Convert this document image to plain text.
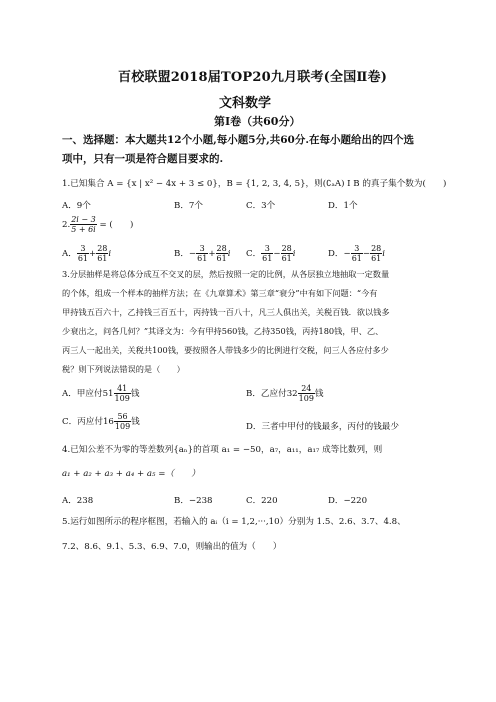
百校联盟2018届TOP20九月联考(全国Ⅱ卷)
文科数学
第Ⅰ卷（共60分）
一、选择题：本大题共12个小题,每小题5分,共60分.在每小题给出的四个选
项中，只有一项是符合题目要求的.
1.已知集合 A = {x | x² − 4x + 3 ≤ 0}，B = {1, 2, 3, 4, 5}，则(∁ₐA) I B 的真子集个数为(　　)
A．9个	B．7个	C．3个	D．1个
2. $\frac{2i - 3}{5 + 6i}$ = (　　)
A． $\frac{3}{61} + \frac{28}{61}$ i	B．− $\frac{3}{61} + \frac{28}{61}$ i C． $\frac{3}{61} - \frac{28}{61}$ i	D．− $\frac{3}{61} - \frac{28}{61}$ i
3.分层抽样是将总体分成互不交叉的层，然后按照一定的比例，从各层独立地抽取一定数量
的个体，组成一个样本的抽样方法；在《九章算术》第三章“衰分”中有如下问题：“今有
甲持钱五百六十，乙持钱三百五十，丙持钱一百八十，凡三人俱出关，关税百钱．欲以钱多
少衰出之，问各几何？”其译文为：今有甲持560钱，乙持350钱，丙持180钱，甲、乙、
丙三人一起出关，关税共100钱，要按照各人带钱多少的比例进行交税，问三人各应付多少
税？则下列说法错误的是（　　）
A．甲应付$51 \frac{41}{109}$ 钱	B．乙应付$32 \frac{24}{109}$ 钱
C．丙应付$16 \frac{56}{109}$ 钱	D．三者中甲付的钱最多，丙付的钱最少
4.已知公差不为零的等差数列{aₙ}的首项 a₁ = −50，a₇，a₁₁，a₁₇ 成等比数列，则
a₁ + a₂ + a₃ + a₄ + a₅ =（　　）
A．238	B．−238	C．220	D．−220
5.运行如图所示的程序框图，若输入的 aᵢ（i = 1,2,···,10）分别为 1.5、2.6、3.7、4.8、
7.2、8.6、9.1、5.3、6.9、7.0，则输出的值为（　　）
